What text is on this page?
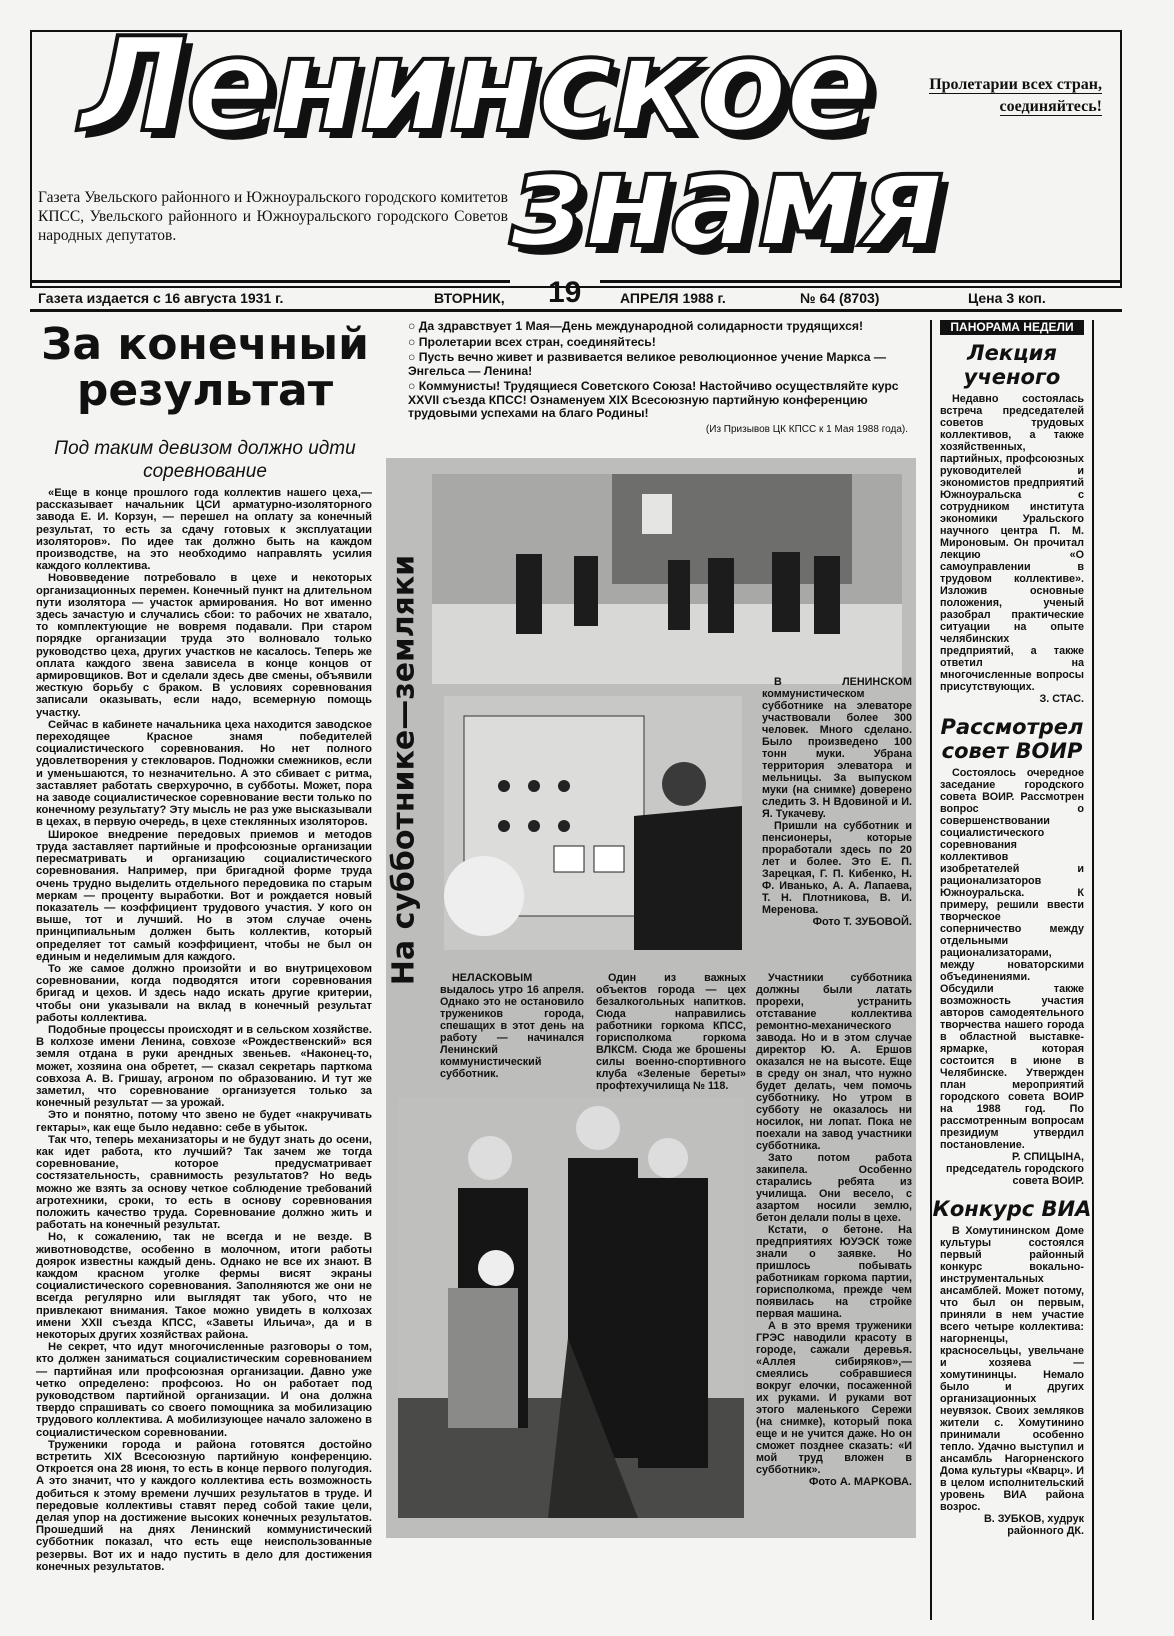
Ленинское
знамя
Пролетарии всех стран, соединяйтесь!
Газета Увельского районного и Южноуральского городского комитетов КПСС, Увельского районного и Южноуральского городского Советов народных депутатов.
Газета издается с 16 августа 1931 г.	ВТОРНИК, 19	АПРЕЛЯ 1988 г.	№ 64 (8703)	Цена 3 коп.
За конечный результат
Под таким девизом должно идти соревнование

«Еще в конце прошлого года коллектив нашего цеха,— рассказывает начальник ЦСИ арматурно-изоляторного завода Е. И. Корзун, — перешел на оплату за конечный результат, то есть за сдачу готовых к эксплуатации изоляторов». По идее так должно быть на каждом производстве, на это необходимо направлять усилия каждого коллектива.

Нововведение потребовало в цехе и некоторых организационных перемен. Конечный пункт на длительном пути изолятора — участок армирования. Но вот именно здесь зачастую и случались сбои: то рабочих не хватало, то комплектующие не вовремя подавали. При старом порядке организации труда это волновало только руководство цеха, других участков не касалось. Теперь же оплата каждого звена зависела в конце концов от армировщиков. Вот и сделали здесь две смены, объявили жесткую борьбу с браком. В условиях соревнования записали оказывать, если надо, всемерную помощь участку.

Сейчас в кабинете начальника цеха находится заводское переходящее Красное знамя победителей социалистического соревнования. Но нет полного удовлетворения у стекловаров. Подножки смежников, если и уменьшаются, то незначительно. А это сбивает с ритма, заставляет работать сверхурочно, в субботы. Может, пора на заводе социалистическое соревнование вести только по конечному результату? Эту мысль не раз уже высказывали в цехах, в первую очередь, в цехе стеклянных изоляторов.

Широкое внедрение передовых приемов и методов труда заставляет партийные и профсоюзные организации пересматривать и организацию социалистического соревнования. Например, при бригадной форме труда очень трудно выделить отдельного передовика по старым меркам — проценту выработки. Вот и рождается новый показатель — коэффициент трудового участия. У кого он выше, тот и лучший. Но в этом случае очень принципиальным должен быть коллектив, который определяет тот самый коэффициент, чтобы не был он единым и неделимым для каждого.

То же самое должно произойти и во внутрицеховом соревновании, когда подводятся итоги соревнования бригад и цехов. И здесь надо искать другие критерии, чтобы они указывали на вклад в конечный результат работы коллектива.

Подобные процессы происходят и в сельском хозяйстве. В колхозе имени Ленина, совхозе «Рождественский» вся земля отдана в руки арендных звеньев. «Наконец-то, может, хозяина она обретет, — сказал секретарь парткома совхоза А. В. Гришау, агроном по образованию. И тут же заметил, что соревнование организуется только за конечный результат — за урожай.

Это и понятно, потому что звено не будет «накручивать гектары», как еще было недавно: себе в убыток.

Так что, теперь механизаторы и не будут знать до осени, как идет работа, кто лучший? Так зачем же тогда соревнование, которое предусматривает состязательность, сравнимость результатов? Но ведь можно же взять за основу четкое соблюдение требований агротехники, сроки, то есть в основу соревнования положить качество труда. Соревнование должно жить и работать на конечный результат.

Но, к сожалению, так не всегда и не везде. В животноводстве, особенно в молочном, итоги работы доярок известны каждый день. Однако не все их знают. В каждом красном уголке фермы висят экраны социалистического соревнования. Заполняются же они не всегда регулярно или выглядят так убого, что не привлекают внимания. Такое можно увидеть в колхозах имени XXII съезда КПСС, «Заветы Ильича», да и в некоторых других хозяйствах района.

Не секрет, что идут многочисленные разговоры о том, кто должен заниматься социалистическим соревнованием — партийная или профсоюзная организации. Давно уже четко определено: профсоюз. Но он работает под руководством партийной организации. И она должна твердо спрашивать со своего помощника за мобилизацию трудового коллектива. А мобилизующее начало заложено в социалистическом соревновании.

Труженики города и района готовятся достойно встретить XIX Всесоюзную партийную конференцию. Откроется она 28 июня, то есть в конце первого полугодия. А это значит, что у каждого коллектива есть возможность добиться к этому времени лучших результатов в труде. И передовые коллективы ставят перед собой такие цели, делая упор на достижение высоких конечных результатов. Прошедший на днях Ленинский коммунистический субботник показал, что есть еще неиспользованные резервы. Вот их и надо пустить в дело для достижения конечных результатов.

○ Да здравствует 1 Мая—День международной солидарности трудящихся!
○ Пролетарии всех стран, соединяйтесь!
○ Пусть вечно живет и развивается великое революционное учение Маркса — Энгельса — Ленина!
○ Коммунисты! Трудящиеся Советского Союза! Настойчиво осуществляйте курс XXVII съезда КПСС! Ознаменуем XIX Всесоюзную партийную конференцию трудовыми успехами на благо Родины!
(Из Призывов ЦК КПСС к 1 Мая 1988 года).
На субботнике—земляки	В ЛЕНИНСКОМ коммунистическом субботнике на элеваторе участвовали более 300 человек. Много сделано. Было произведено 100 тонн муки. Убрана территория элеватора и мельницы. За выпуском муки (на снимке) доверено следить З. Н Вдовиной и И. Я. Тукачеву.

Пришли на субботник и пенсионеры, которые проработали здесь по 20 лет и более. Это Е. П. Зарецкая, Г. П. Кибенко, Н. Ф. Иванько, А. А. Лапаева, Т. Н. Плотникова, В. И. Меренова.

Фото Т. ЗУБОВОЙ.

НЕЛАСКОВЫМ выдалось утро 16 апреля. Однако это не остановило тружеников города, спешащих в этот день на работу — начинался Ленинский коммунистический субботник.

Один из важных объектов города — цех безалкогольных напитков. Сюда направились работники горкома КПСС, горисполкома горкома ВЛКСМ. Сюда же брошены силы военно-спортивного клуба «Зеленые береты» профтехучилища № 118.

Участники субботника должны были латать прорехи, устранить отставание коллектива ремонтно-механического завода. Но и в этом случае директор Ю. А. Ершов оказался не на высоте. Еще в среду он знал, что нужно будет делать, чем помочь субботнику. Но утром в субботу не оказалось ни носилок, ни лопат. Пока не поехали на завод участники субботника.

Зато потом работа закипела. Особенно старались ребята из училища. Они весело, с азартом носили землю, бетон делали полы в цехе.

Кстати, о бетоне. На предприятиях ЮУЭСК тоже знали о заявке. Но пришлось побывать работникам горкома партии, горисполкома, прежде чем появилась на стройке первая машина.

А в это время труженики ГРЭС наводили красоту в городе, сажали деревья. «Аллея сибиряков»,— смеялись собравшиеся вокруг елочки, посаженной их руками. И руками вот этого маленького Сережи (на снимке), который пока еще и не учится даже. Но он сможет позднее сказать: «И мой труд вложен в субботник».

Фото А. МАРКОВА.
ПАНОРАМА НЕДЕЛИ
Лекция ученого

Недавно состоялась встреча председателей советов трудовых коллективов, а также хозяйственных, партийных, профсоюзных руководителей и экономистов предприятий Южноуральска с сотрудником института экономики Уральского научного центра П. М. Мироновым. Он прочитал лекцию «О самоуправлении в трудовом коллективе». Изложив основные положения, ученый разобрал практические ситуации на опыте челябинских предприятий, а также ответил на многочисленные вопросы присутствующих.

З. СТАС.
Рассмотрел совет ВОИР

Состоялось очередное заседание городского совета ВОИР. Рассмотрен вопрос о совершенствовании социалистического соревнования коллективов изобретателей и рационализаторов Южноуральска. К примеру, решили ввести творческое соперничество между отдельными рационализаторами, между новаторскими объединениями. Обсудили также возможность участия авторов самодеятельного творчества нашего города в областной выставке-ярмарке, которая состоится в июне в Челябинске. Утвержден план мероприятий городского совета ВОИР на 1988 год. По рассмотренным вопросам президиум утвердил постановление.

Р. СПИЦЫНА, председатель городского совета ВОИР.
Конкурс ВИА

В Хомутининском Доме культуры состоялся первый районный конкурс вокально-инструментальных ансамблей. Может потому, что был он первым, приняли в нем участие всего четыре коллектива: нагорненцы, красносельцы, увельчане и хозяева — хомутининцы. Немало было и других организационных неувязок. Своих земляков жители с. Хомутинино принимали особенно тепло. Удачно выступил и ансамбль Нагорненского Дома культуры «Кварц». И в целом исполнительский уровень ВИА района возрос.

В. ЗУБКОВ, худрук районного ДК.
